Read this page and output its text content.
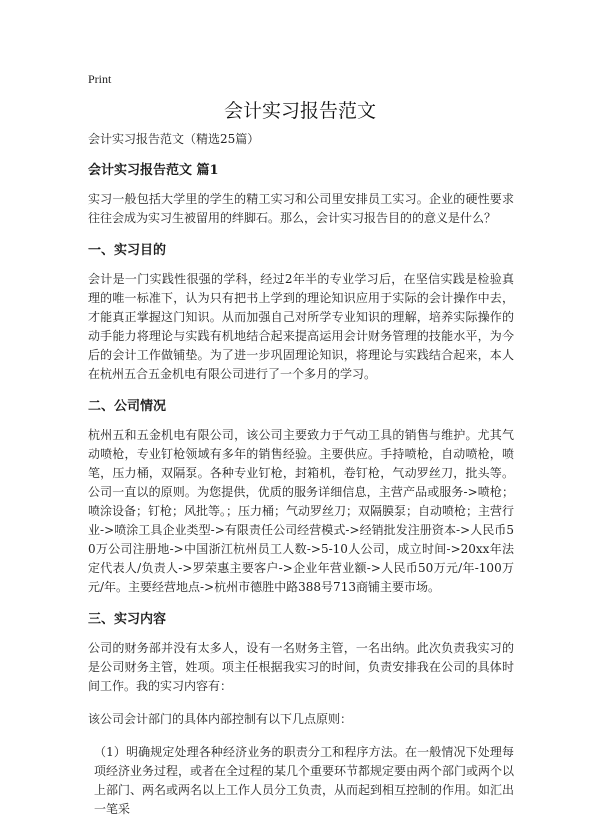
Print
会计实习报告范文

会计实习报告范文（精选25篇）

会计实习报告范文 篇1

实习一般包括大学里的学生的精工实习和公司里安排员工实习。企业的硬性要求往往会成为实习生被留用的绊脚石。那么，会计实习报告目的的意义是什么？

一、实习目的

会计是一门实践性很强的学科，经过2年半的专业学习后，在坚信实践是检验真理的唯一标准下，认为只有把书上学到的理论知识应用于实际的会计操作中去，才能真正掌握这门知识。从而加强自己对所学专业知识的理解，培养实际操作的动手能力将理论与实践有机地结合起来提高运用会计财务管理的技能水平，为今后的会计工作做铺垫。为了进一步巩固理论知识，将理论与实践结合起来，本人在杭州五合五金机电有限公司进行了一个多月的学习。

二、公司情况

杭州五和五金机电有限公司，该公司主要致力于气动工具的销售与维护。尤其气动喷枪，专业钉枪领域有多年的销售经验。主要供应。手持喷枪，自动喷枪，喷笔，压力桶，双隔泵。各种专业钉枪，封箱机，卷钉枪，气动罗丝刀，批头等。公司一直以的原则。为您提供，优质的服务详细信息，主营产品或服务->喷枪；喷涂设备；钉枪；风批等。；压力桶；气动罗丝刀；双隔膜泵；自动喷枪；主营行业->喷涂工具企业类型->有限责任公司经营模式->经销批发注册资本->人民币50万公司注册地->中国浙江杭州员工人数->5-10人公司，成立时间->20xx年法定代表人/负责人->罗荣惠主要客户->企业年营业额->人民币50万元/年-100万元/年。主要经营地点->杭州市德胜中路388号713商铺主要市场。

三、实习内容

公司的财务部并没有太多人，设有一名财务主管，一名出纳。此次负责我实习的是公司财务主管，姓项。项主任根据我实习的时间，负责安排我在公司的具体时间工作。我的实习内容有：

该公司会计部门的具体内部控制有以下几点原则：

（1）明确规定处理各种经济业务的职责分工和程序方法。在一般情况下处理每项经济业务过程，或者在全过程的某几个重要环节都规定要由两个部门或两个以上部门、两名或两名以上工作人员分工负责，从而起到相互控制的作用。如汇出一笔采
